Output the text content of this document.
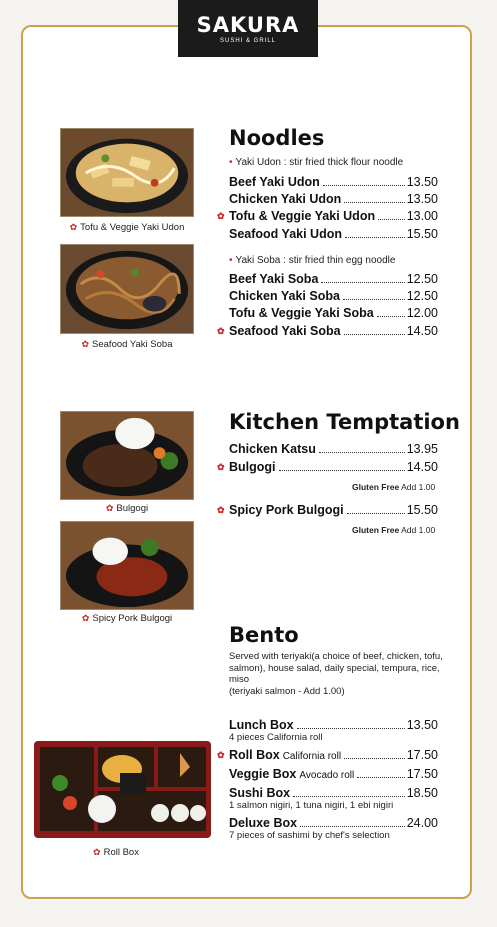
SAKURA
SUSHI & GRILL
✿ Tofu & Veggie Yaki Udon
✿ Seafood Yaki Soba
✿ Bulgogi
✿ Spicy Pork Bulgogi
✿ Roll Box
Noodles
• Yaki Udon : stir fried thick flour noodle
Beef Yaki Udon	13.50
Chicken Yaki Udon	13.50
✿ Tofu & Veggie Yaki Udon	13.00
Seafood Yaki Udon	15.50
• Yaki Soba : stir fried thin egg noodle
Beef Yaki Soba	12.50
Chicken Yaki Soba	12.50
Tofu & Veggie Yaki Soba	12.00
✿ Seafood Yaki Soba	14.50
Kitchen Temptation
Chicken Katsu	13.95
✿ Bulgogi	14.50
Gluten Free Add 1.00
✿ Spicy Pork Bulgogi	15.50
Gluten Free Add 1.00
Bento
Served with teriyaki(a choice of beef, chicken, tofu, salmon), house salad, daily special, tempura, rice, miso
(teriyaki salmon - Add 1.00)
Lunch Box	13.50
4 pieces California roll
✿ Roll Box California roll	17.50
Veggie Box Avocado roll	17.50
Sushi Box	18.50
1 salmon nigiri, 1 tuna nigiri, 1 ebi nigiri
Deluxe Box	24.00
7 pieces of sashimi by chef's selection
